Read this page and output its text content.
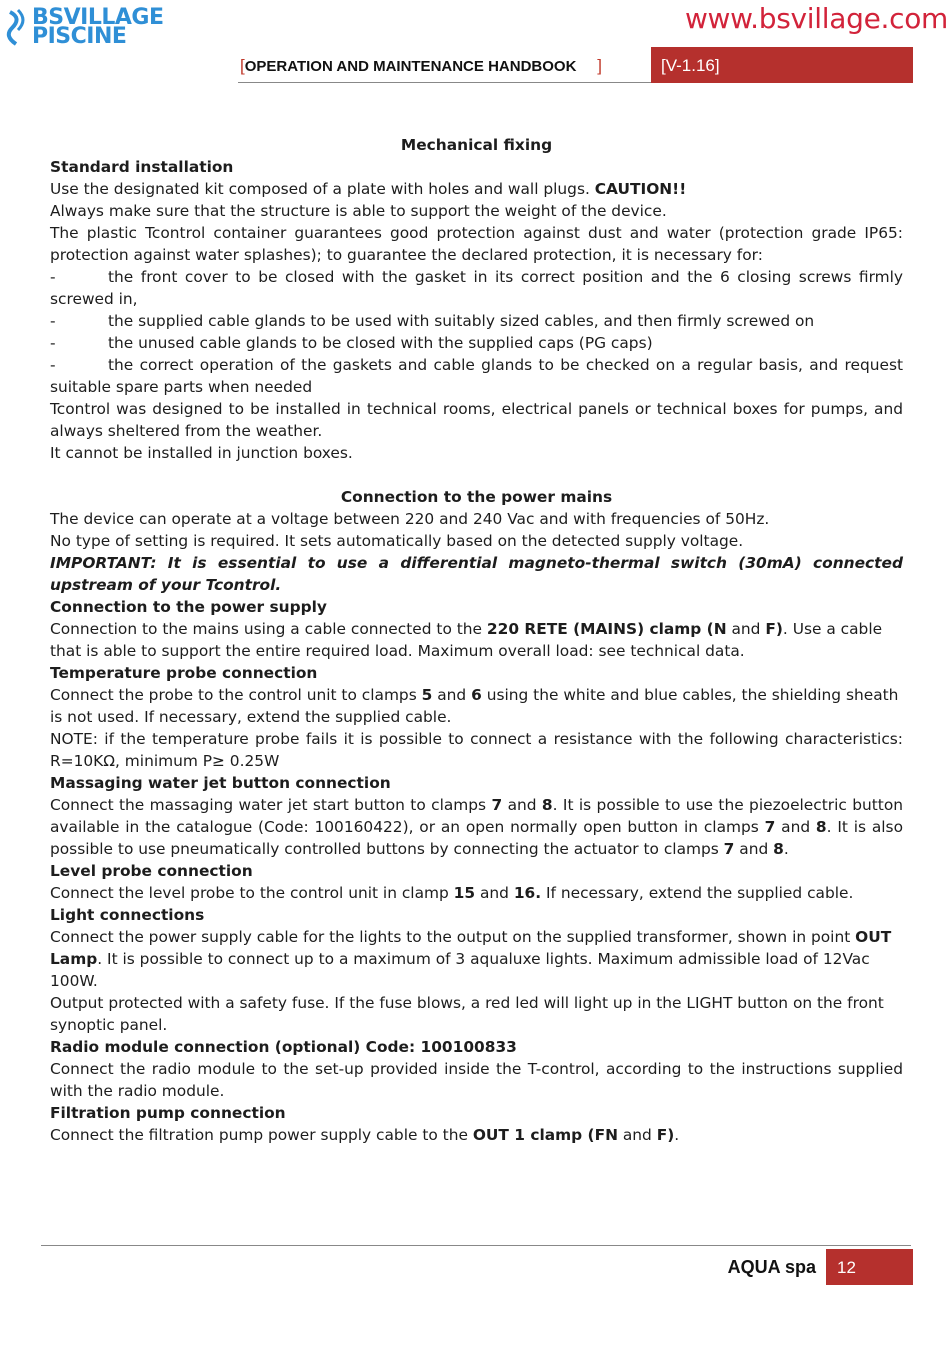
BSVILLAGE
PISCINE
www.bsvillage.com
[OPERATION AND MAINTENANCE HANDBOOK ]	[V-1.16]

Mechanical fixing

Standard installation

Use the designated kit composed of a plate with holes and wall plugs. CAUTION!!

Always make sure that the structure is able to support the weight of the device.

The plastic Tcontrol container guarantees good protection against dust and water (protection grade IP65: protection against water splashes); to guarantee the declared protection, it is necessary for:

-	the front cover to be closed with the gasket in its correct position and the 6 closing screws firmly screwed in,

-	the supplied cable glands to be used with suitably sized cables, and then firmly screwed on

-	the unused cable glands to be closed with the supplied caps (PG caps)

-	the correct operation of the gaskets and cable glands to be checked on a regular basis, and request suitable spare parts when needed

Tcontrol was designed to be installed in technical rooms, electrical panels or technical boxes for pumps, and always sheltered from the weather.

It cannot be installed in junction boxes.

Connection to the power mains

The device can operate at a voltage between 220 and 240 Vac and with frequencies of 50Hz.

No type of setting is required. It sets automatically based on the detected supply voltage.

IMPORTANT: It is essential to use a differential magneto-thermal switch (30mA) connected upstream of your Tcontrol.

Connection to the power supply

Connection to the mains using a cable connected to the 220 RETE (MAINS) clamp (N and F). Use a cable that is able to support the entire required load. Maximum overall load: see technical data.

Temperature probe connection

Connect the probe to the control unit to clamps 5 and 6 using the white and blue cables, the shielding sheath is not used. If necessary, extend the supplied cable.

NOTE: if the temperature probe fails it is possible to connect a resistance with the following characteristics: R=10KΩ, minimum P≥ 0.25W

Massaging water jet button connection

Connect the massaging water jet start button to clamps 7 and 8. It is possible to use the piezoelectric button available in the catalogue (Code: 100160422), or an open normally open button in clamps 7 and 8. It is also possible to use pneumatically controlled buttons by connecting the actuator to clamps 7 and 8.

Level probe connection

Connect the level probe to the control unit in clamp 15 and 16. If necessary, extend the supplied cable.

Light connections

Connect the power supply cable for the lights to the output on the supplied transformer, shown in point OUT Lamp. It is possible to connect up to a maximum of 3 aqualuxe lights. Maximum admissible load of 12Vac 100W.

Output protected with a safety fuse. If the fuse blows, a red led will light up in the LIGHT button on the front synoptic panel.

Radio module connection (optional) Code: 100100833

Connect the radio module to the set-up provided inside the T-control, according to the instructions supplied with the radio module.

Filtration pump connection

Connect the filtration pump power supply cable to the OUT 1 clamp (FN and F).

AQUA spa 12
